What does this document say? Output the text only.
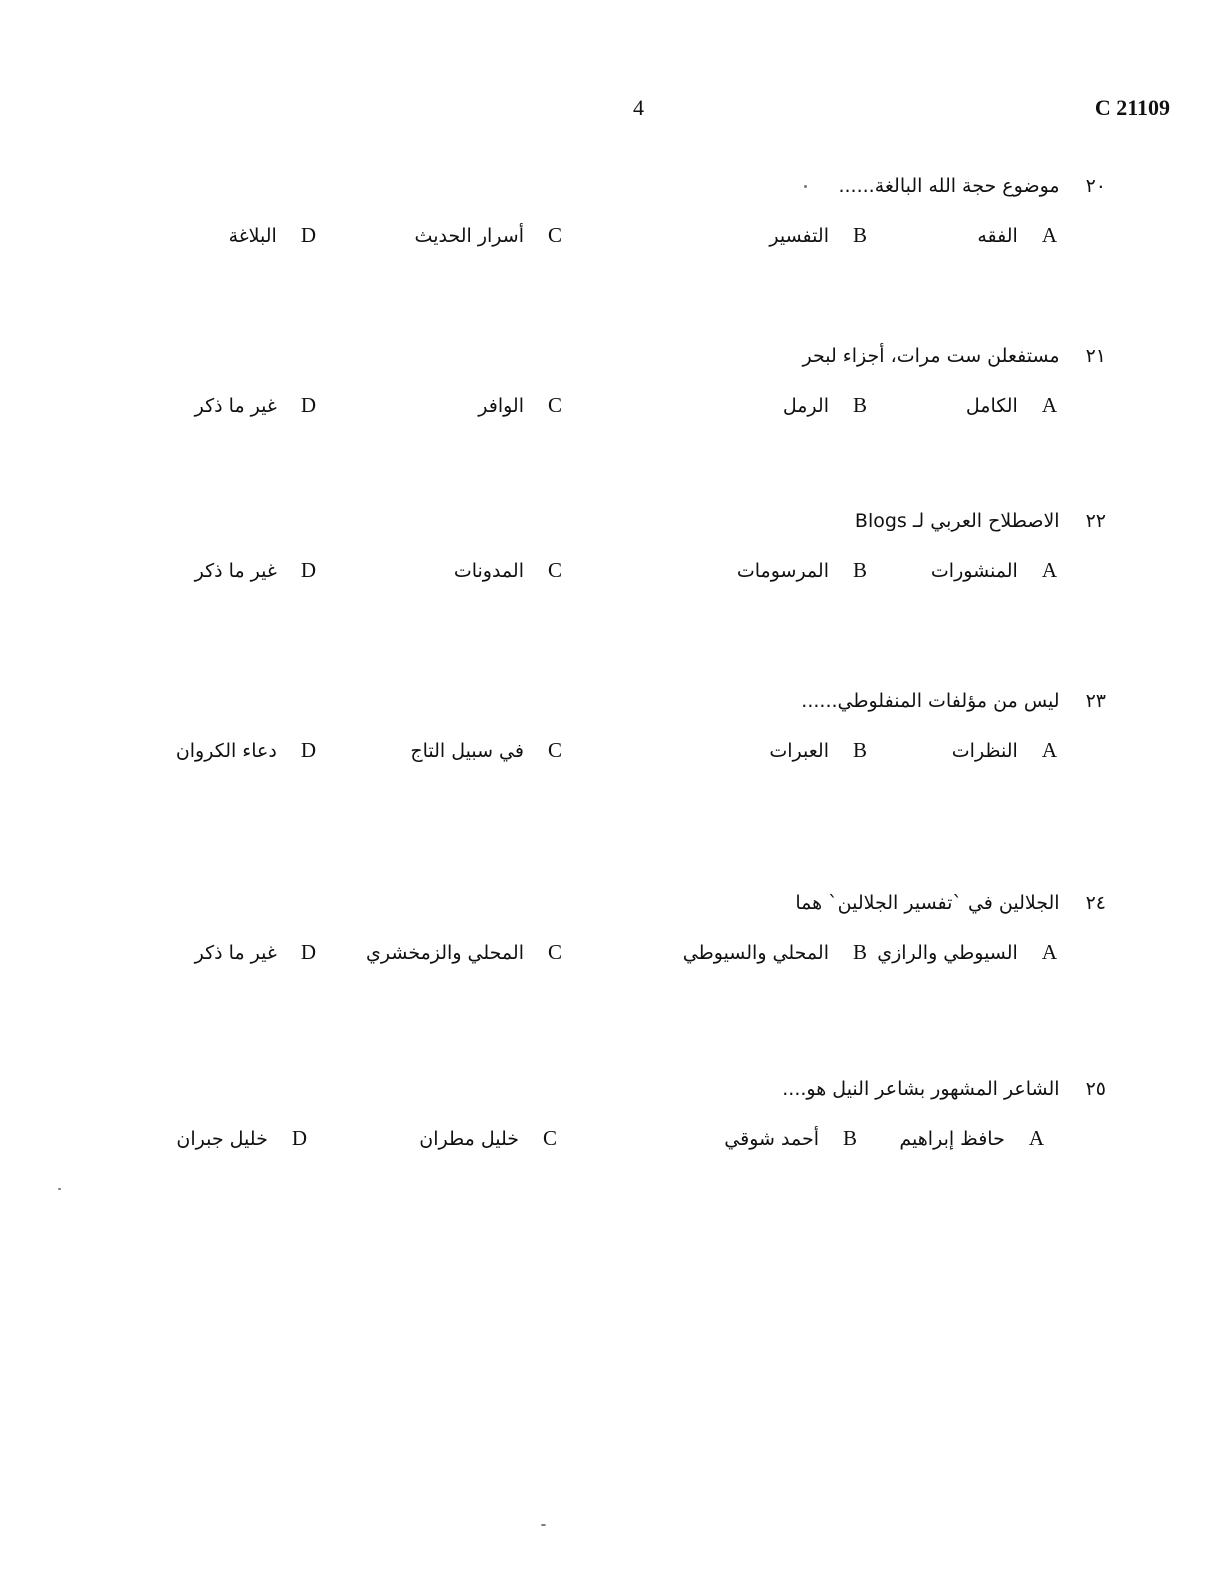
4	C 21109
٢٠موضوع حجة الله البالغة......
Aالفقه
Bالتفسير
Cأسرار الحديث
Dالبلاغة
٢١مستفعلن ست مرات، أجزاء لبحر
Aالكامل
Bالرمل
Cالوافر
Dغير ما ذكر
٢٢الاصطلاح العربي لـ Blogs
Aالمنشورات
Bالمرسومات
Cالمدونات
Dغير ما ذكر
٢٣ليس من مؤلفات المنفلوطي......
Aالنظرات
Bالعبرات
Cفي سبيل التاج
Dدعاء الكروان
٢٤الجلالين في `تفسير الجلالين` هما
Aالسيوطي والرازي
Bالمحلي والسيوطي
Cالمحلي والزمخشري
Dغير ما ذكر
٢٥الشاعر المشهور بشاعر النيل هو....
Aحافظ إبراهيم
Bأحمد شوقي
Cخليل مطران
Dخليل جبران
